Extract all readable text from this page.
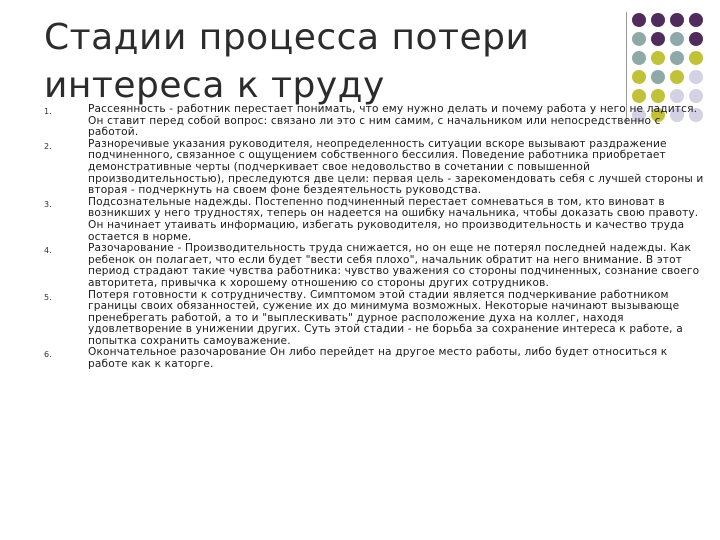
Стадии процесса потери
интереса к труду
1.	Рассеянность - работник перестает понимать, что ему нужно делать и почему работа у него не ладится. Он ставит перед собой вопрос: связано ли это с ним самим, с начальником или непосредственно с работой.
2.	Разноречивые указания руководителя, неопределенность ситуации вскоре вызывают раздражение подчиненного, связанное с ощущением собственного бессилия. Поведение работника приобретает демонстративные черты (подчеркивает свое недовольство в сочетании с повышенной производительностью), преследуются две цели: первая цель - зарекомендовать себя с лучшей стороны и вторая - подчеркнуть на своем фоне бездеятельность руководства.
3.	Подсознательные надежды. Постепенно подчиненный перестает сомневаться в том, кто виноват в возникших у него трудностях, теперь он надеется на ошибку начальника, чтобы доказать свою правоту. Он начинает утаивать информацию, избегать руководителя, но производительность и качество труда остается в норме.
4.	Разочарование - Производительность труда снижается, но он еще не потерял последней надежды. Как ребенок он полагает, что если будет "вести себя плохо", начальник обратит на него внимание. В этот период страдают такие чувства работника: чувство уважения со стороны подчиненных, сознание своего авторитета, привычка к хорошему отношению со стороны других сотрудников.
5.	Потеря готовности к сотрудничеству. Симптомом этой стадии является подчеркивание работником границы своих обязанностей, сужение их до минимума возможных. Некоторые начинают вызывающе пренебрегать работой, а то и "выплескивать" дурное расположение духа на коллег, находя удовлетворение в унижении других. Суть этой стадии - не борьба за сохранение интереса к работе, а попытка сохранить самоуважение.
6.	Окончательное разочарование Он либо перейдет на другое место работы, либо будет относиться к работе как к каторге.
